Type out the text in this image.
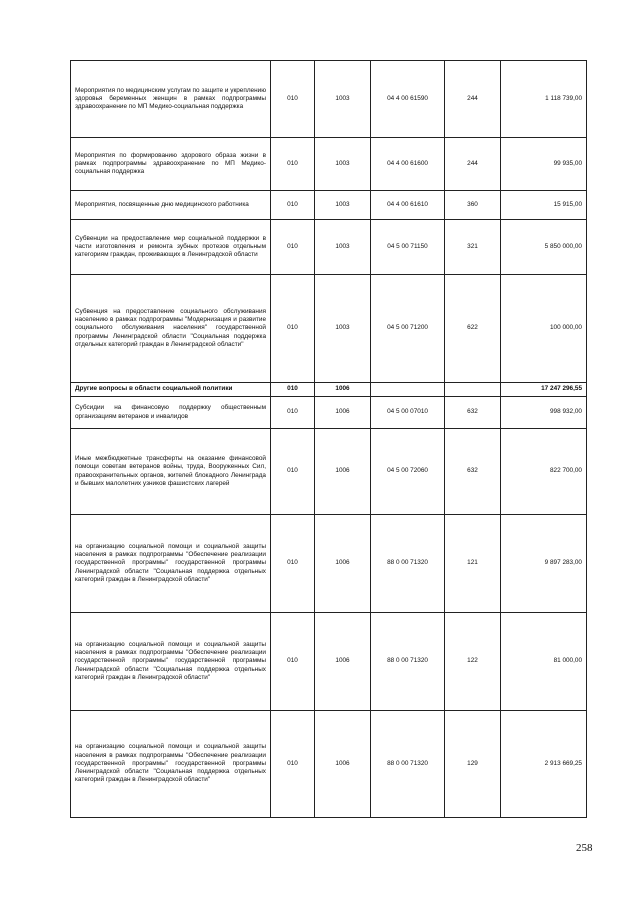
Мероприятия по медицинским услугам по защите и укреплению здоровья беременных женщин в рамках подпрограммы здравоохранение по МП Медико-социальная поддержка	010	1003	04 4 00 61590	244	1 118 739,00
Мероприятия по формированию здорового образа жизни в рамках подпрограммы здравоохранение по МП Медико-социальная поддержка	010	1003	04 4 00 61600	244	99 935,00
Мероприятия, посвященные дню медицинского работника	010	1003	04 4 00 61610	360	15 915,00
Субвенции на предоставление мер социальной поддержки в части изготовления и ремонта зубных протезов отдельным категориям граждан, проживающих в Ленинградской области	010	1003	04 5 00 71150	321	5 850 000,00
Субвенция на предоставление социального обслуживания населению в рамках подпрограммы "Модернизация и развитие социального обслуживания населения" государственной программы Ленинградской области "Социальная поддержка отдельных категорий граждан в Ленинградской области"	010	1003	04 5 00 71200	622	100 000,00
Другие вопросы в области социальной политики	010	1006			17 247 296,55
Субсидии на финансовую поддержку общественным организациям ветеранов и инвалидов	010	1006	04 5 00 07010	632	998 932,00
Иные межбюджетные трансферты на оказание финансовой помощи советам ветеранов войны, труда, Вооруженных Сил, правоохранительных органов, жителей блокадного Ленинграда и бывших малолетних узников фашистских лагерей	010	1006	04 5 00 72060	632	822 700,00
на организацию социальной помощи и социальной защиты населения в рамках подпрограммы "Обеспечение реализации государственной программы" государственной программы Ленинградской области "Социальная поддержка отдельных категорий граждан в Ленинградской области"	010	1006	88 0 00 71320	121	9 897 283,00
на организацию социальной помощи и социальной защиты населения в рамках подпрограммы "Обеспечение реализации государственной программы" государственной программы Ленинградской области "Социальная поддержка отдельных категорий граждан в Ленинградской области"	010	1006	88 0 00 71320	122	81 000,00
на организацию социальной помощи и социальной защиты населения в рамках подпрограммы "Обеспечение реализации государственной программы" государственной программы Ленинградской области "Социальная поддержка отдельных категорий граждан в Ленинградской области"	010	1006	88 0 00 71320	129	2 913 669,25
258
